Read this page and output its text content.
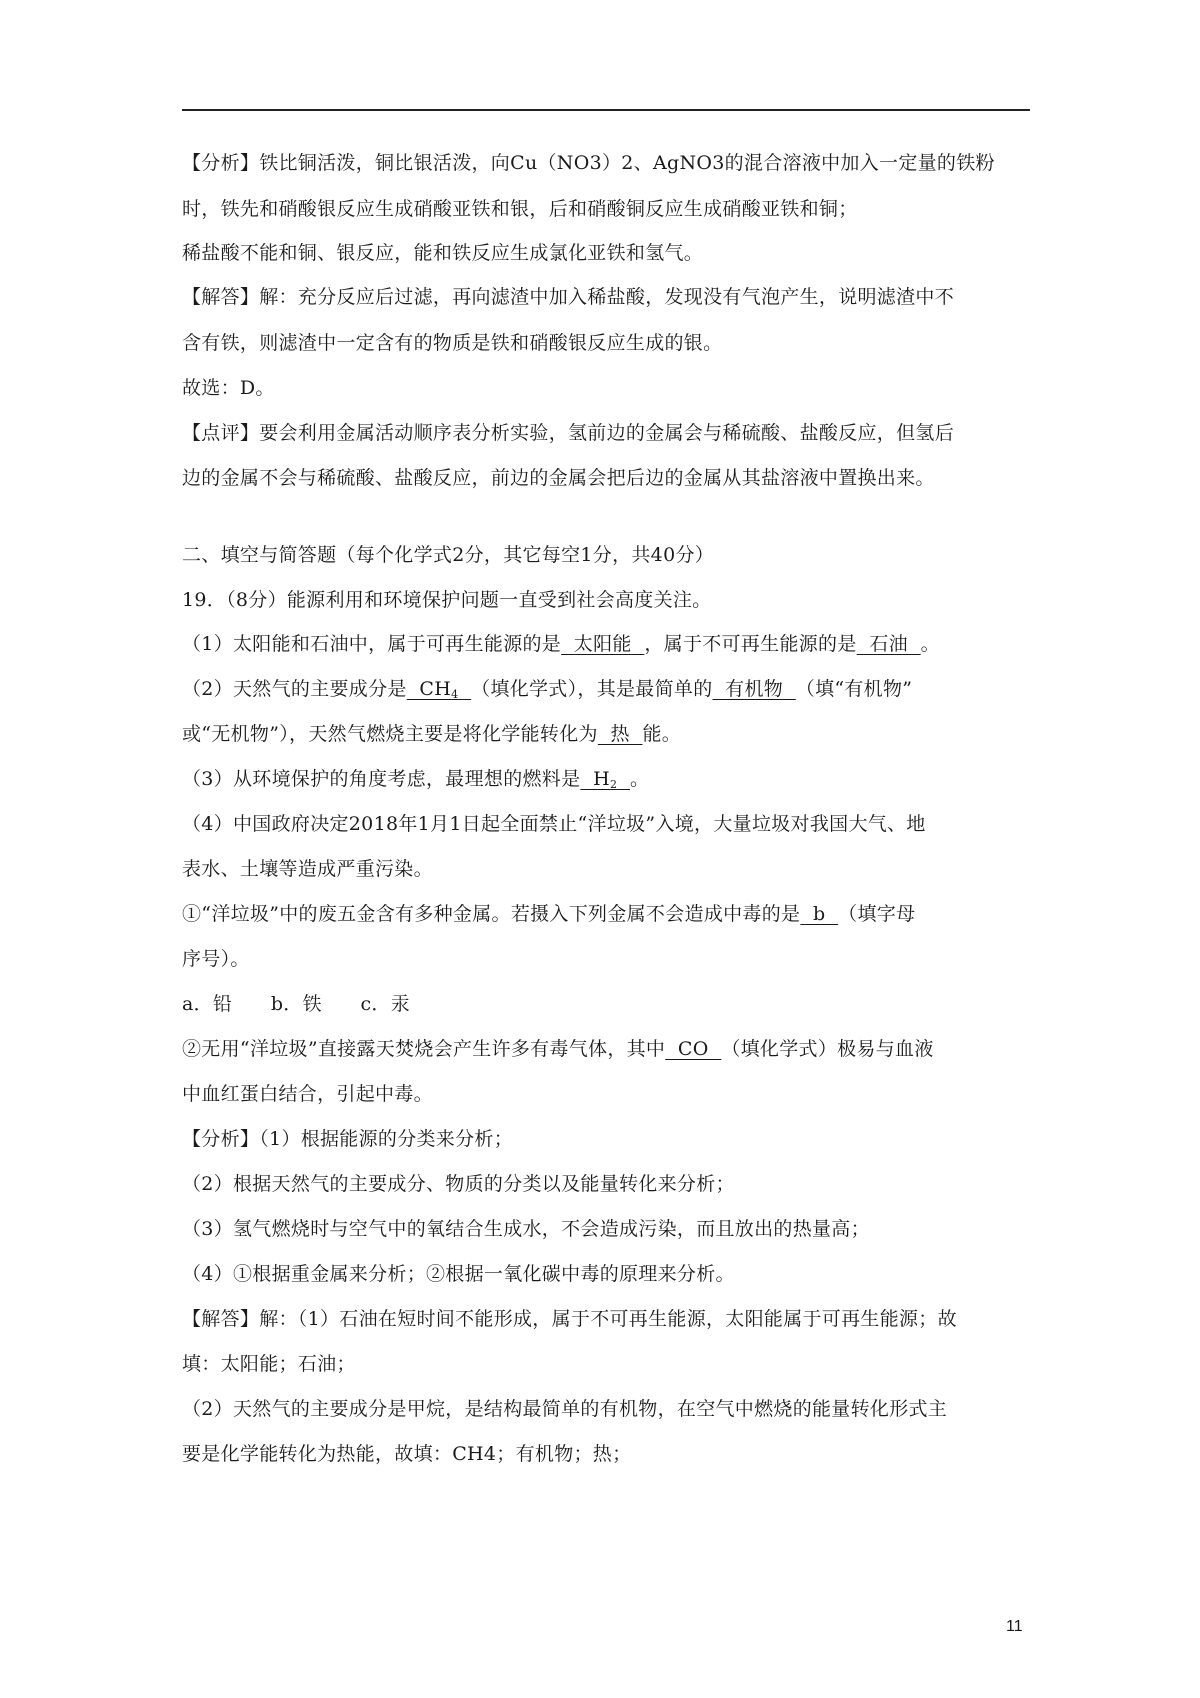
【分析】铁比铜活泼，铜比银活泼，向Cu（NO3）2、AgNO3的混合溶液中加入一定量的铁粉
时，铁先和硝酸银反应生成硝酸亚铁和银，后和硝酸铜反应生成硝酸亚铁和铜；
稀盐酸不能和铜、银反应，能和铁反应生成氯化亚铁和氢气。
【解答】解：充分反应后过滤，再向滤渣中加入稀盐酸，发现没有气泡产生，说明滤渣中不
含有铁，则滤渣中一定含有的物质是铁和硝酸银反应生成的银。
故选：D。
【点评】要会利用金属活动顺序表分析实验，氢前边的金属会与稀硫酸、盐酸反应，但氢后
边的金属不会与稀硫酸、盐酸反应，前边的金属会把后边的金属从其盐溶液中置换出来。
二、填空与简答题（每个化学式2分，其它每空1分，共40分）
19．（8分）能源利用和环境保护问题一直受到社会高度关注。
（1）太阳能和石油中，属于可再生能源的是  太阳能  ，属于不可再生能源的是  石油  。
（2）天然气的主要成分是  $CH_4$ （填化学式），其是最简单的  有机物  （填“有机物”
或“无机物”），天然气燃烧主要是将化学能转化为  热  能。
（3）从环境保护的角度考虑，最理想的燃料是  $H_2$ 。
（4）中国政府决定2018年1月1日起全面禁止“洋垃圾”入境，大量垃圾对我国大气、地
表水、土壤等造成严重污染。
①“洋垃圾”中的废五金含有多种金属。若摄入下列金属不会造成中毒的是  b  （填字母
序号）。
a．铅　　b．铁　　c．汞
②无用“洋垃圾”直接露天焚烧会产生许多有毒气体，其中  CO  （填化学式）极易与血液
中血红蛋白结合，引起中毒。
【分析】（1）根据能源的分类来分析；
（2）根据天然气的主要成分、物质的分类以及能量转化来分析；
（3）氢气燃烧时与空气中的氧结合生成水，不会造成污染，而且放出的热量高；
（4）①根据重金属来分析；②根据一氧化碳中毒的原理来分析。
【解答】解：（1）石油在短时间不能形成，属于不可再生能源，太阳能属于可再生能源；故
填：太阳能；石油；
（2）天然气的主要成分是甲烷，是结构最简单的有机物，在空气中燃烧的能量转化形式主
要是化学能转化为热能，故填：CH4；有机物；热；
11
